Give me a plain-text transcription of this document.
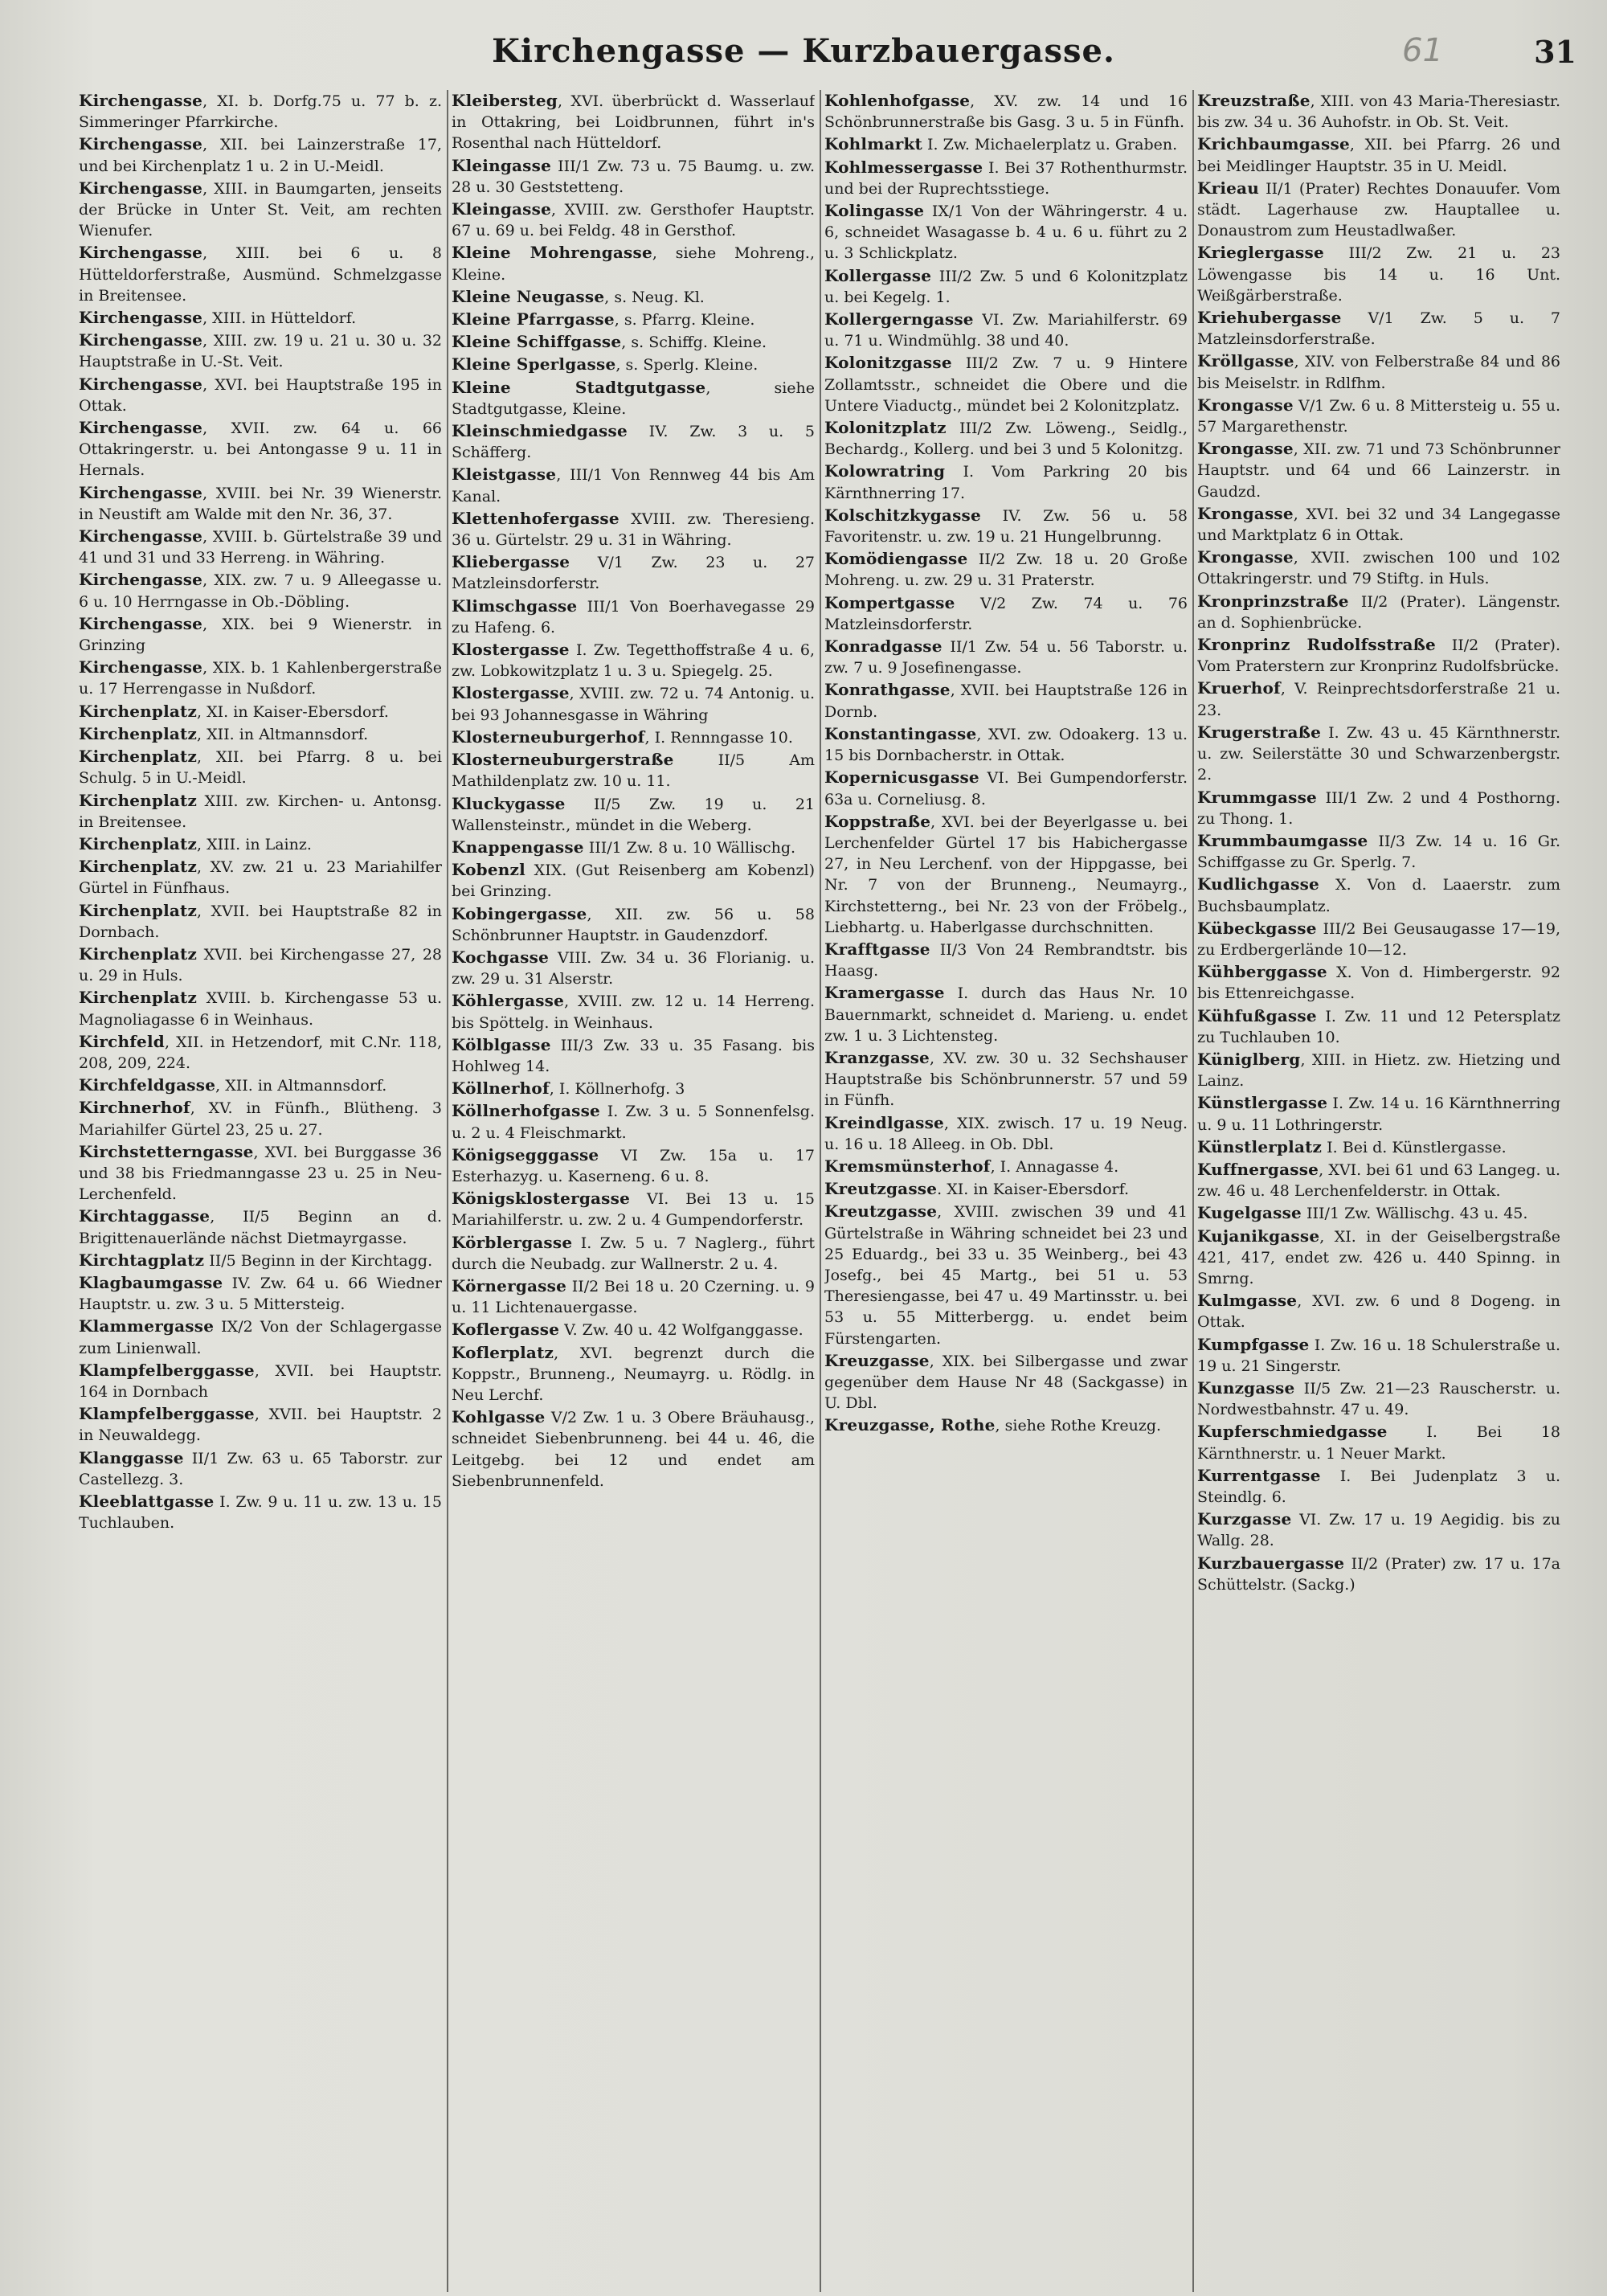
Kirchengasse — Kurzbauergasse.	61	31

Kirchengasse, XI. b. Dorfg.75 u. 77 b. z. Simmeringer Pfarrkirche.

Kirchengasse, XII. bei Lainzerstraße 17, und bei Kirchenplatz 1 u. 2 in U.-Meidl.

Kirchengasse, XIII. in Baumgarten, jenseits der Brücke in Unter St. Veit, am rechten Wienufer.

Kirchengasse, XIII. bei 6 u. 8 Hütteldorferstraße, Ausmünd. Schmelzgasse in Breitensee.

Kirchengasse, XIII. in Hütteldorf.

Kirchengasse, XIII. zw. 19 u. 21 u. 30 u. 32 Hauptstraße in U.-St. Veit.

Kirchengasse, XVI. bei Hauptstraße 195 in Ottak.

Kirchengasse, XVII. zw. 64 u. 66 Ottakringerstr. u. bei Antongasse 9 u. 11 in Hernals.

Kirchengasse, XVIII. bei Nr. 39 Wienerstr. in Neustift am Walde mit den Nr. 36, 37.

Kirchengasse, XVIII. b. Gürtelstraße 39 und 41 und 31 und 33 Herreng. in Währing.

Kirchengasse, XIX. zw. 7 u. 9 Alleegasse u. 6 u. 10 Herrngasse in Ob.-Döbling.

Kirchengasse, XIX. bei 9 Wienerstr. in Grinzing

Kirchengasse, XIX. b. 1 Kahlenbergerstraße u. 17 Herrengasse in Nußdorf.

Kirchenplatz, XI. in Kaiser-Ebersdorf.

Kirchenplatz, XII. in Altmannsdorf.

Kirchenplatz, XII. bei Pfarrg. 8 u. bei Schulg. 5 in U.-Meidl.

Kirchenplatz XIII. zw. Kirchen- u. Antonsg. in Breitensee.

Kirchenplatz, XIII. in Lainz.

Kirchenplatz, XV. zw. 21 u. 23 Mariahilfer Gürtel in Fünfhaus.

Kirchenplatz, XVII. bei Hauptstraße 82 in Dornbach.

Kirchenplatz XVII. bei Kirchengasse 27, 28 u. 29 in Huls.

Kirchenplatz XVIII. b. Kirchengasse 53 u. Magnoliagasse 6 in Weinhaus.

Kirchfeld, XII. in Hetzendorf, mit C.Nr. 118, 208, 209, 224.

Kirchfeldgasse, XII. in Altmannsdorf.

Kirchnerhof, XV. in Fünfh., Blütheng. 3 Mariahilfer Gürtel 23, 25 u. 27.

Kirchstetterngasse, XVI. bei Burggasse 36 und 38 bis Friedmanngasse 23 u. 25 in Neu-Lerchenfeld.

Kirchtaggasse, II/5 Beginn an d. Brigittenauerlände nächst Dietmayrgasse.

Kirchtagplatz II/5 Beginn in der Kirchtagg.

Klagbaumgasse IV. Zw. 64 u. 66 Wiedner Hauptstr. u. zw. 3 u. 5 Mittersteig.

Klammergasse IX/2 Von der Schlagergasse zum Linienwall.

Klampfelberggasse, XVII. bei Hauptstr. 164 in Dornbach

Klampfelberggasse, XVII. bei Hauptstr. 2 in Neuwaldegg.

Klanggasse II/1 Zw. 63 u. 65 Taborstr. zur Castellezg. 3.

Kleeblattgasse I. Zw. 9 u. 11 u. zw. 13 u. 15 Tuchlauben.

Kleibersteg, XVI. überbrückt d. Wasserlauf in Ottakring, bei Loidbrunnen, führt in's Rosenthal nach Hütteldorf.

Kleingasse III/1 Zw. 73 u. 75 Baumg. u. zw. 28 u. 30 Geststetteng.

Kleingasse, XVIII. zw. Gersthofer Hauptstr. 67 u. 69 u. bei Feldg. 48 in Gersthof.

Kleine Mohrengasse, siehe Mohreng., Kleine.

Kleine Neugasse, s. Neug. Kl.

Kleine Pfarrgasse, s. Pfarrg. Kleine.

Kleine Schiffgasse, s. Schiffg. Kleine.

Kleine Sperlgasse, s. Sperlg. Kleine.

Kleine Stadtgutgasse, siehe Stadtgutgasse, Kleine.

Kleinschmiedgasse IV. Zw. 3 u. 5 Schäfferg.

Kleistgasse, III/1 Von Rennweg 44 bis Am Kanal.

Klettenhofergasse XVIII. zw. Theresieng. 36 u. Gürtelstr. 29 u. 31 in Währing.

Kliebergasse V/1 Zw. 23 u. 27 Matzleinsdorferstr.

Klimschgasse III/1 Von Boerhavegasse 29 zu Hafeng. 6.

Klostergasse I. Zw. Tegetthoffstraße 4 u. 6, zw. Lobkowitzplatz 1 u. 3 u. Spiegelg. 25.

Klostergasse, XVIII. zw. 72 u. 74 Antonig. u. bei 93 Johannesgasse in Währing

Klosterneuburgerhof, I. Rennngasse 10.

Klosterneuburgerstraße II/5 Am Mathildenplatz zw. 10 u. 11.

Kluckygasse II/5 Zw. 19 u. 21 Wallensteinstr., mündet in die Weberg.

Knappengasse III/1 Zw. 8 u. 10 Wällischg.

Kobenzl XIX. (Gut Reisenberg am Kobenzl) bei Grinzing.

Kobingergasse, XII. zw. 56 u. 58 Schönbrunner Hauptstr. in Gaudenzdorf.

Kochgasse VIII. Zw. 34 u. 36 Florianig. u. zw. 29 u. 31 Alserstr.

Köhlergasse, XVIII. zw. 12 u. 14 Herreng. bis Spöttelg. in Weinhaus.

Kölblgasse III/3 Zw. 33 u. 35 Fasang. bis Hohlweg 14.

Köllnerhof, I. Köllnerhofg. 3

Köllnerhofgasse I. Zw. 3 u. 5 Sonnenfelsg. u. 2 u. 4 Fleischmarkt.

Königsegggasse VI Zw. 15a u. 17 Esterhazyg. u. Kaserneng. 6 u. 8.

Königsklostergasse VI. Bei 13 u. 15 Mariahilferstr. u. zw. 2 u. 4 Gumpendorferstr.

Körblergasse I. Zw. 5 u. 7 Naglerg., führt durch die Neubadg. zur Wallnerstr. 2 u. 4.

Körnergasse II/2 Bei 18 u. 20 Czerning. u. 9 u. 11 Lichtenauergasse.

Koflergasse V. Zw. 40 u. 42 Wolfganggasse.

Koflerplatz, XVI. begrenzt durch die Koppstr., Brunneng., Neumayrg. u. Rödlg. in Neu Lerchf.

Kohlgasse V/2 Zw. 1 u. 3 Obere Bräuhausg., schneidet Siebenbrunneng. bei 44 u. 46, die Leitgebg. bei 12 und endet am Siebenbrunnenfeld.

Kohlenhofgasse, XV. zw. 14 und 16 Schönbrunnerstraße bis Gasg. 3 u. 5 in Fünfh.

Kohlmarkt I. Zw. Michaelerplatz u. Graben.

Kohlmessergasse I. Bei 37 Rothenthurmstr. und bei der Ruprechtsstiege.

Kolingasse IX/1 Von der Währingerstr. 4 u. 6, schneidet Wasagasse b. 4 u. 6 u. führt zu 2 u. 3 Schlickplatz.

Kollergasse III/2 Zw. 5 und 6 Kolonitzplatz u. bei Kegelg. 1.

Kollergerngasse VI. Zw. Mariahilferstr. 69 u. 71 u. Windmühlg. 38 und 40.

Kolonitzgasse III/2 Zw. 7 u. 9 Hintere Zollamtsstr., schneidet die Obere und die Untere Viaductg., mündet bei 2 Kolonitzplatz.

Kolonitzplatz III/2 Zw. Löweng., Seidlg., Bechardg., Kollerg. und bei 3 und 5 Kolonitzg.

Kolowratring I. Vom Parkring 20 bis Kärnthnerring 17.

Kolschitzkygasse IV. Zw. 56 u. 58 Favoritenstr. u. zw. 19 u. 21 Hungelbrunng.

Komödiengasse II/2 Zw. 18 u. 20 Große Mohreng. u. zw. 29 u. 31 Praterstr.

Kompertgasse V/2 Zw. 74 u. 76 Matzleinsdorferstr.

Konradgasse II/1 Zw. 54 u. 56 Taborstr. u. zw. 7 u. 9 Josefinengasse.

Konrathgasse, XVII. bei Hauptstraße 126 in Dornb.

Konstantingasse, XVI. zw. Odoakerg. 13 u. 15 bis Dornbacherstr. in Ottak.

Kopernicusgasse VI. Bei Gumpendorferstr. 63a u. Corneliusg. 8.

Koppstraße, XVI. bei der Beyerlgasse u. bei Lerchenfelder Gürtel 17 bis Habichergasse 27, in Neu Lerchenf. von der Hippgasse, bei Nr. 7 von der Brunneng., Neumayrg., Kirchstetterng., bei Nr. 23 von der Fröbelg., Liebhartg. u. Haberlgasse durchschnitten.

Krafftgasse II/3 Von 24 Rembrandtstr. bis Haasg.

Kramergasse I. durch das Haus Nr. 10 Bauernmarkt, schneidet d. Marieng. u. endet zw. 1 u. 3 Lichtensteg.

Kranzgasse, XV. zw. 30 u. 32 Sechshauser Hauptstraße bis Schönbrunnerstr. 57 und 59 in Fünfh.

Kreindlgasse, XIX. zwisch. 17 u. 19 Neug. u. 16 u. 18 Alleeg. in Ob. Dbl.

Kremsmünsterhof, I. Annagasse 4.

Kreutzgasse. XI. in Kaiser-Ebersdorf.

Kreutzgasse, XVIII. zwischen 39 und 41 Gürtelstraße in Währing schneidet bei 23 und 25 Eduardg., bei 33 u. 35 Weinberg., bei 43 Josefg., bei 45 Martg., bei 51 u. 53 Theresiengasse, bei 47 u. 49 Martinsstr. u. bei 53 u. 55 Mitterbergg. u. endet beim Fürstengarten.

Kreuzgasse, XIX. bei Silbergasse und zwar gegenüber dem Hause Nr 48 (Sackgasse) in U. Dbl.

Kreuzgasse, Rothe, siehe Rothe Kreuzg.

Kreuzstraße, XIII. von 43 Maria-Theresiastr. bis zw. 34 u. 36 Auhofstr. in Ob. St. Veit.

Krichbaumgasse, XII. bei Pfarrg. 26 und bei Meidlinger Hauptstr. 35 in U. Meidl.

Krieau II/1 (Prater) Rechtes Donauufer. Vom städt. Lagerhause zw. Hauptallee u. Donaustrom zum Heustadlwaßer.

Krieglergasse III/2 Zw. 21 u. 23 Löwengasse bis 14 u. 16 Unt. Weißgärberstraße.

Kriehubergasse V/1 Zw. 5 u. 7 Matzleinsdorferstraße.

Kröllgasse, XIV. von Felberstraße 84 und 86 bis Meiselstr. in Rdlfhm.

Krongasse V/1 Zw. 6 u. 8 Mittersteig u. 55 u. 57 Margarethenstr.

Krongasse, XII. zw. 71 und 73 Schönbrunner Hauptstr. und 64 und 66 Lainzerstr. in Gaudzd.

Krongasse, XVI. bei 32 und 34 Langegasse und Marktplatz 6 in Ottak.

Krongasse, XVII. zwischen 100 und 102 Ottakringerstr. und 79 Stiftg. in Huls.

Kronprinzstraße II/2 (Prater). Längenstr. an d. Sophienbrücke.

Kronprinz Rudolfsstraße II/2 (Prater). Vom Praterstern zur Kronprinz Rudolfsbrücke.

Kruerhof, V. Reinprechtsdorferstraße 21 u. 23.

Krugerstraße I. Zw. 43 u. 45 Kärnthnerstr. u. zw. Seilerstätte 30 und Schwarzenbergstr. 2.

Krummgasse III/1 Zw. 2 und 4 Posthorng. zu Thong. 1.

Krummbaumgasse II/3 Zw. 14 u. 16 Gr. Schiffgasse zu Gr. Sperlg. 7.

Kudlichgasse X. Von d. Laaerstr. zum Buchsbaumplatz.

Kübeckgasse III/2 Bei Geusaugasse 17—19, zu Erdbergerlände 10—12.

Kühberggasse X. Von d. Himbergerstr. 92 bis Ettenreichgasse.

Kühfußgasse I. Zw. 11 und 12 Petersplatz zu Tuchlauben 10.

Küniglberg, XIII. in Hietz. zw. Hietzing und Lainz.

Künstlergasse I. Zw. 14 u. 16 Kärnthnerring u. 9 u. 11 Lothringerstr.

Künstlerplatz I. Bei d. Künstlergasse.

Kuffnergasse, XVI. bei 61 und 63 Langeg. u. zw. 46 u. 48 Lerchenfelderstr. in Ottak.

Kugelgasse III/1 Zw. Wällischg. 43 u. 45.

Kujanikgasse, XI. in der Geiselbergstraße 421, 417, endet zw. 426 u. 440 Spinng. in Smrng.

Kulmgasse, XVI. zw. 6 und 8 Dogeng. in Ottak.

Kumpfgasse I. Zw. 16 u. 18 Schulerstraße u. 19 u. 21 Singerstr.

Kunzgasse II/5 Zw. 21—23 Rauscherstr. u. Nordwestbahnstr. 47 u. 49.

Kupferschmiedgasse I. Bei 18 Kärnthnerstr. u. 1 Neuer Markt.

Kurrentgasse I. Bei Judenplatz 3 u. Steindlg. 6.

Kurzgasse VI. Zw. 17 u. 19 Aegidig. bis zu Wallg. 28.

Kurzbauergasse II/2 (Prater) zw. 17 u. 17a Schüttelstr. (Sackg.)
